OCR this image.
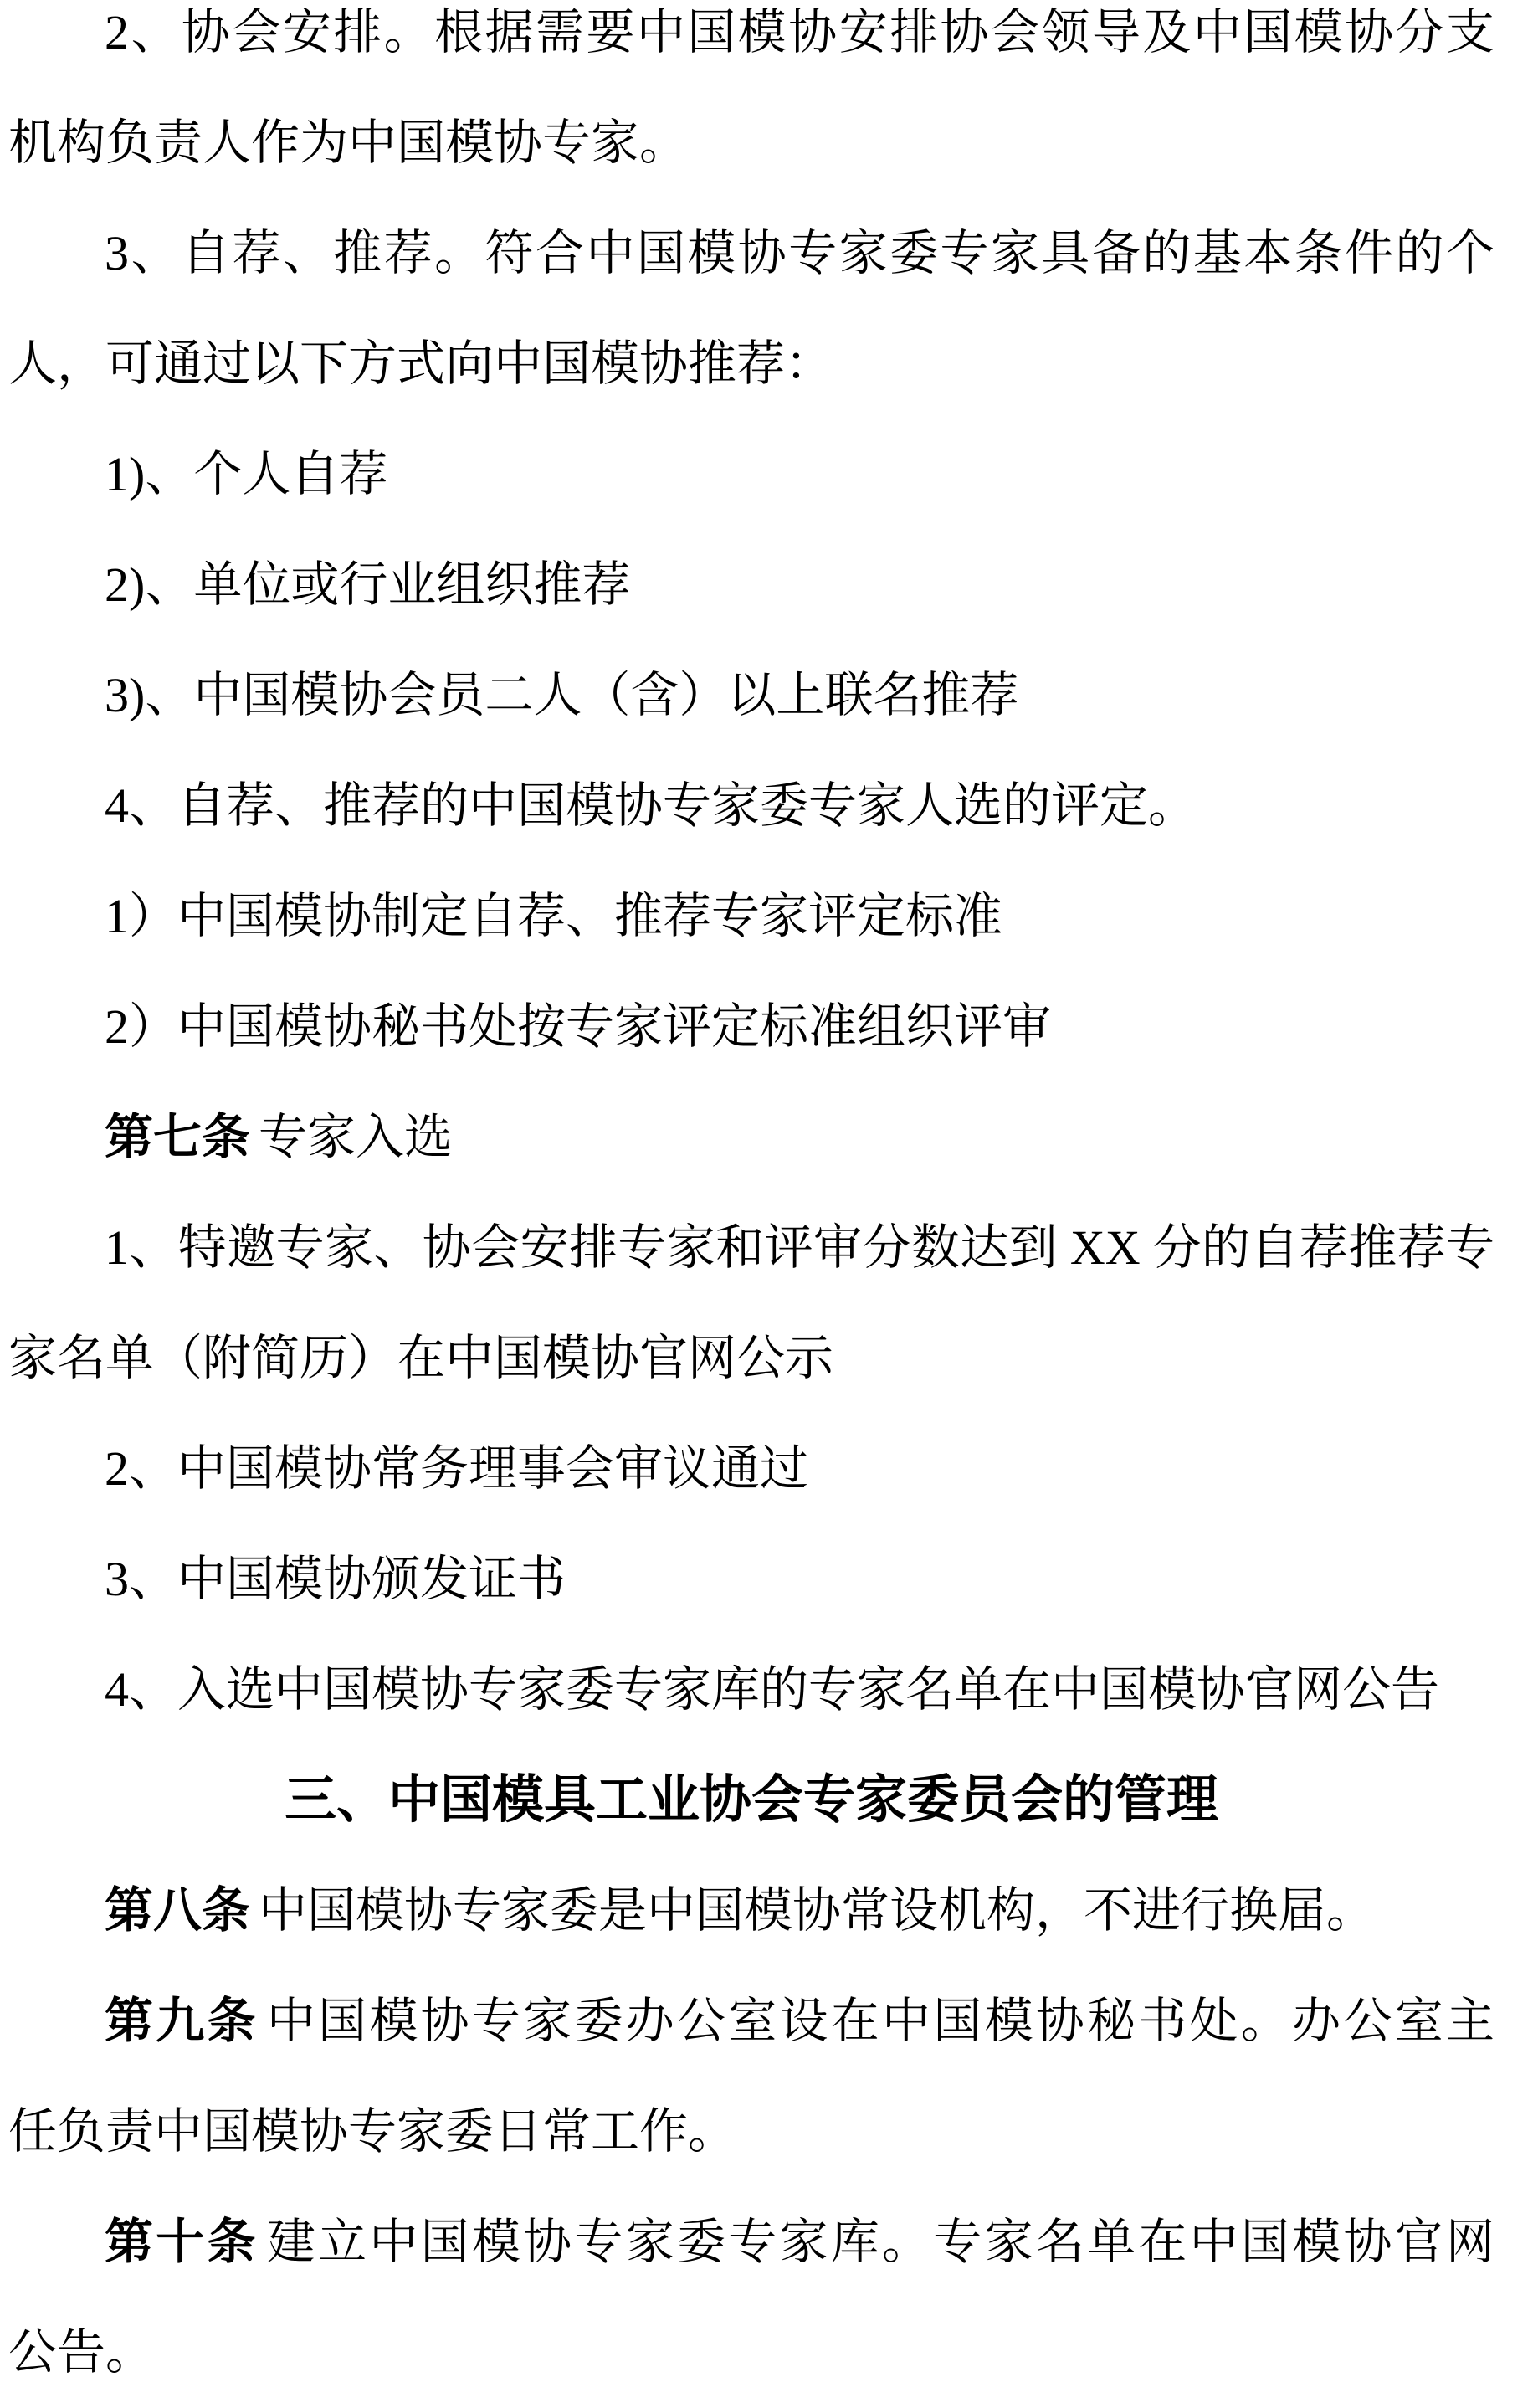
2、协会安排。根据需要中国模协安排协会领导及中国模协分支
机构负责人作为中国模协专家。
3、自荐、推荐。符合中国模协专家委专家具备的基本条件的个
人，可通过以下方式向中国模协推荐：
1)、个人自荐
2)、单位或行业组织推荐
3)、中国模协会员二人（含）以上联名推荐
4、自荐、推荐的中国模协专家委专家人选的评定。
1）中国模协制定自荐、推荐专家评定标准
2）中国模协秘书处按专家评定标准组织评审
第七条 专家入选
1、特邀专家、协会安排专家和评审分数达到 XX 分的自荐推荐专
家名单（附简历）在中国模协官网公示
2、中国模协常务理事会审议通过
3、中国模协颁发证书
4、入选中国模协专家委专家库的专家名单在中国模协官网公告
三、中国模具工业协会专家委员会的管理
第八条 中国模协专家委是中国模协常设机构，不进行换届。
第九条 中国模协专家委办公室设在中国模协秘书处。办公室主
任负责中国模协专家委日常工作。
第十条 建立中国模协专家委专家库。专家名单在中国模协官网
公告。
